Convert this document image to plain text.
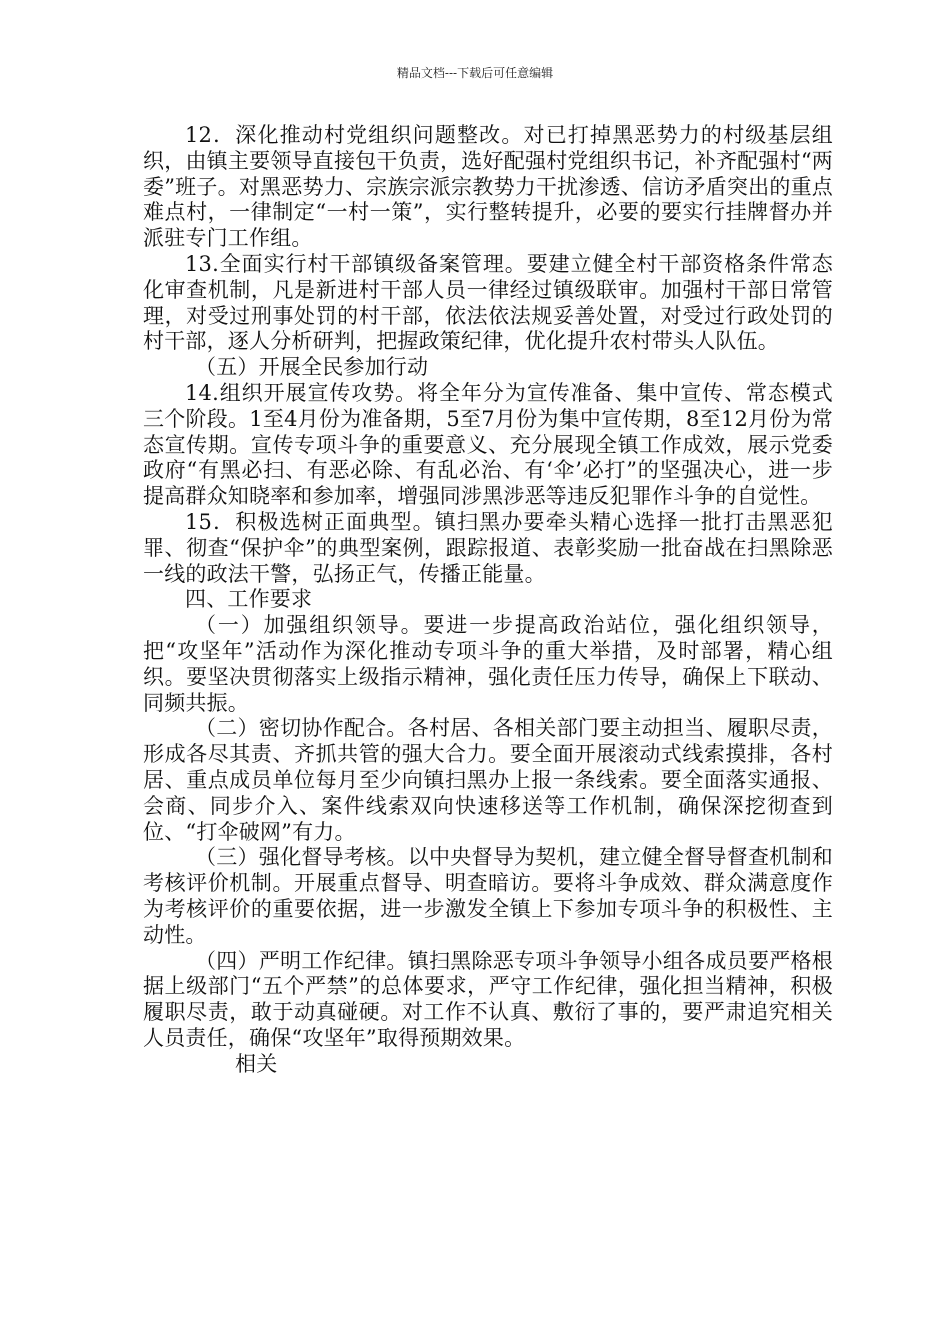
精品文档---下载后可任意编辑

12．深化推动村党组织问题整改。对已打掉黑恶势力的村级基层组织，由镇主要领导直接包干负责，选好配强村党组织书记，补齐配强村“两委”班子。对黑恶势力、宗族宗派宗教势力干扰渗透、信访矛盾突出的重点难点村，一律制定“一村一策”，实行整转提升，必要的要实行挂牌督办并派驻专门工作组。

13.全面实行村干部镇级备案管理。要建立健全村干部资格条件常态化审查机制，凡是新进村干部人员一律经过镇级联审。加强村干部日常管理，对受过刑事处罚的村干部，依法依法规妥善处置，对受过行政处罚的村干部，逐人分析研判，把握政策纪律，优化提升农村带头人队伍。

（五）开展全民参加行动

14.组织开展宣传攻势。将全年分为宣传准备、集中宣传、常态模式三个阶段。1至4月份为准备期，5至7月份为集中宣传期，8至12月份为常态宣传期。宣传专项斗争的重要意义、充分展现全镇工作成效，展示党委政府“有黑必扫、有恶必除、有乱必治、有‘伞’必打”的坚强决心，进一步提高群众知晓率和参加率，增强同涉黑涉恶等违反犯罪作斗争的自觉性。

15．积极选树正面典型。镇扫黑办要牵头精心选择一批打击黑恶犯罪、彻查“保护伞”的典型案例，跟踪报道、表彰奖励一批奋战在扫黑除恶一线的政法干警，弘扬正气，传播正能量。

四、工作要求

（一）加强组织领导。要进一步提高政治站位，强化组织领导，把“攻坚年”活动作为深化推动专项斗争的重大举措，及时部署，精心组织。要坚决贯彻落实上级指示精神，强化责任压力传导，确保上下联动、同频共振。

（二）密切协作配合。各村居、各相关部门要主动担当、履职尽责，形成各尽其责、齐抓共管的强大合力。要全面开展滚动式线索摸排，各村居、重点成员单位每月至少向镇扫黑办上报一条线索。要全面落实通报、会商、同步介入、案件线索双向快速移送等工作机制，确保深挖彻查到位、“打伞破网”有力。

（三）强化督导考核。以中央督导为契机，建立健全督导督查机制和考核评价机制。开展重点督导、明查暗访。要将斗争成效、群众满意度作为考核评价的重要依据，进一步激发全镇上下参加专项斗争的积极性、主动性。

（四）严明工作纪律。镇扫黑除恶专项斗争领导小组各成员要严格根据上级部门“五个严禁”的总体要求，严守工作纪律，强化担当精神，积极履职尽责，敢于动真碰硬。对工作不认真、敷衍了事的，要严肃追究相关人员责任，确保“攻坚年”取得预期效果。

相关
